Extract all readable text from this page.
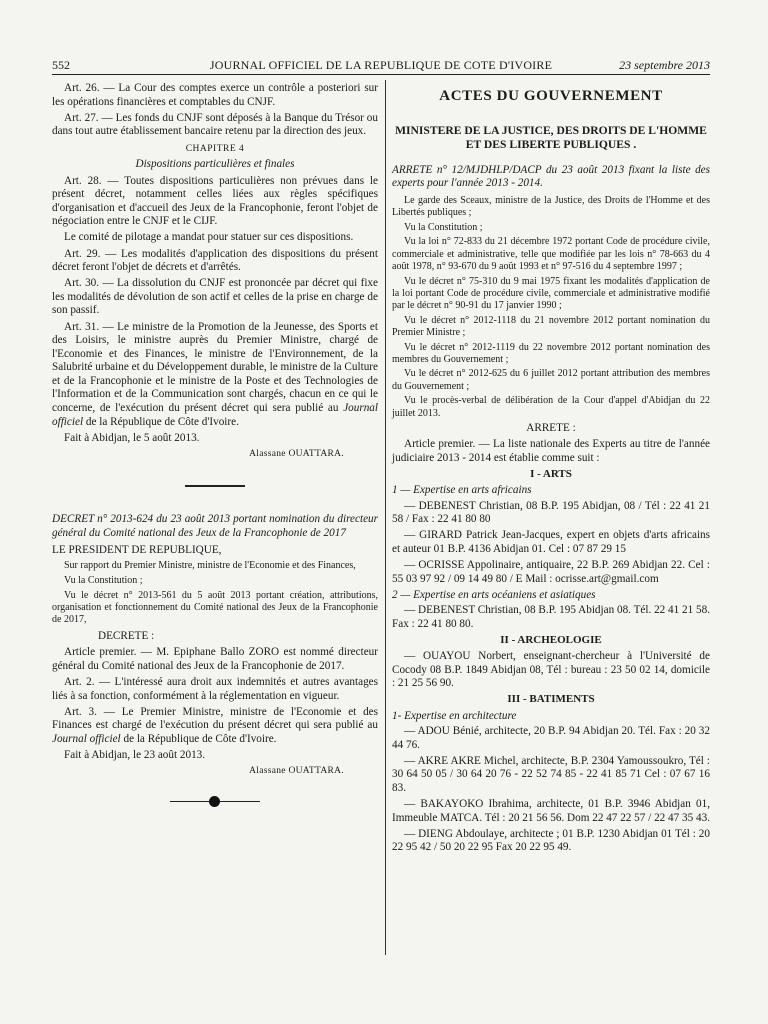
552	JOURNAL OFFICIEL DE LA REPUBLIQUE DE COTE D'IVOIRE	23 septembre 2013

Art. 26. — La Cour des comptes exerce un contrôle a posteriori sur les opérations financières et comptables du CNJF.

Art. 27. — Les fonds du CNJF sont déposés à la Banque du Trésor ou dans tout autre établissement bancaire retenu par la direction des jeux.

CHAPITRE 4

Dispositions particulières et finales

Art. 28. — Toutes dispositions particulières non prévues dans le présent décret, notamment celles liées aux règles spécifiques d'organisation et d'accueil des Jeux de la Francophonie, feront l'objet de négociation entre le CNJF et le CIJF.

Le comité de pilotage a mandat pour statuer sur ces dispositions.

Art. 29. — Les modalités d'application des dispositions du présent décret feront l'objet de décrets et d'arrêtés.

Art. 30. — La dissolution du CNJF est prononcée par décret qui fixe les modalités de dévolution de son actif et celles de la prise en charge de son passif.

Art. 31. — Le ministre de la Promotion de la Jeunesse, des Sports et des Loisirs, le ministre auprès du Premier Ministre, chargé de l'Economie et des Finances, le ministre de l'Environnement, de la Salubrité urbaine et du Développement durable, le ministre de la Culture et de la Francophonie et le ministre de la Poste et des Technologies de l'Information et de la Communication sont chargés, chacun en ce qui le concerne, de l'exécution du présent décret qui sera publié au Journal officiel de la République de Côte d'Ivoire.

Fait à Abidjan, le 5 août 2013.

Alassane OUATTARA.

DECRET n° 2013-624 du 23 août 2013 portant nomination du directeur général du Comité national des Jeux de la Francophonie de 2017

LE PRESIDENT DE REPUBLIQUE,

Sur rapport du Premier Ministre, ministre de l'Economie et des Finances,

Vu la Constitution ;

Vu le décret n° 2013-561 du 5 août 2013 portant création, attributions, organisation et fonctionnement du Comité national des Jeux de la Francophonie de 2017,

DECRETE :

Article premier. — M. Epiphane Ballo ZORO est nommé directeur général du Comité national des Jeux de la Francophonie de 2017.

Art. 2. — L'intéressé aura droit aux indemnités et autres avantages liés à sa fonction, conformément à la réglementation en vigueur.

Art. 3. — Le Premier Ministre, ministre de l'Economie et des Finances est chargé de l'exécution du présent décret qui sera publié au Journal officiel de la République de Côte d'Ivoire.

Fait à Abidjan, le 23 août 2013.

Alassane OUATTARA.
ACTES DU GOUVERNEMENT
MINISTERE DE LA JUSTICE, DES DROITS DE L'HOMME ET DES LIBERTE PUBLIQUES .

ARRETE n° 12/MJDHLP/DACP du 23 août 2013 fixant la liste des experts pour l'année 2013 - 2014.

Le garde des Sceaux, ministre de la Justice, des Droits de l'Homme et des Libertés publiques ;

Vu la Constitution ;

Vu la loi n° 72-833 du 21 décembre 1972 portant Code de procédure civile, commerciale et administrative, telle que modifiée par les lois n° 78-663 du 4 août 1978, n° 93-670 du 9 août 1993 et n° 97-516 du 4 septembre 1997 ;

Vu le décret n° 75-310 du 9 mai 1975 fixant les modalités d'application de la loi portant Code de procédure civile, commerciale et administrative modifié par le décret n° 90-91 du 17 janvier 1990 ;

Vu le décret n° 2012-1118 du 21 novembre 2012 portant nomination du Premier Ministre ;

Vu le décret n° 2012-1119 du 22 novembre 2012 portant nomination des membres du Gouvernement ;

Vu le décret n° 2012-625 du 6 juillet 2012 portant attribution des membres du Gouvernement ;

Vu le procès-verbal de délibération de la Cour d'appel d'Abidjan du 22 juillet 2013.

ARRETE :

Article premier. — La liste nationale des Experts au titre de l'année judiciaire 2013 - 2014 est établie comme suit :

I - ARTS

1 — Expertise en arts africains

— DEBENEST Christian, 08 B.P. 195 Abidjan, 08 / Tél : 22 41 21 58 / Fax : 22 41 80 80

— GIRARD Patrick Jean-Jacques, expert en objets d'arts africains et auteur 01 B.P. 4136 Abidjan 01. Cel : 07 87 29 15

— OCRISSE Appolinaire, antiquaire, 22 B.P. 269 Abidjan 22. Cel : 55 03 97 92 / 09 14 49 80 / E Mail : ocrisse.art@gmail.com

2 — Expertise en arts océaniens et asiatiques

— DEBENEST Christian, 08 B.P. 195 Abidjan 08. Tél. 22 41 21 58. Fax : 22 41 80 80.

II - ARCHEOLOGIE

— OUAYOU Norbert, enseignant-chercheur à l'Université de Cocody 08 B.P. 1849 Abidjan 08, Tél : bureau : 23 50 02 14, domicile : 21 25 56 90.

III - BATIMENTS

1- Expertise en architecture

— ADOU Bénié, architecte, 20 B.P. 94 Abidjan 20. Tél. Fax : 20 32 44 76.

— AKRE AKRE Michel, architecte, B.P. 2304 Yamoussoukro, Tél : 30 64 50 05 / 30 64 20 76 - 22 52 74 85 - 22 41 85 71 Cel : 07 67 16 83.

— BAKAYOKO Ibrahima, architecte, 01 B.P. 3946 Abidjan 01, Immeuble MATCA. Tél : 20 21 56 56. Dom 22 47 22 57 / 22 47 35 43.

— DIENG Abdoulaye, architecte ; 01 B.P. 1230 Abidjan 01 Tél : 20 22 95 42 / 50 20 22 95 Fax 20 22 95 49.
